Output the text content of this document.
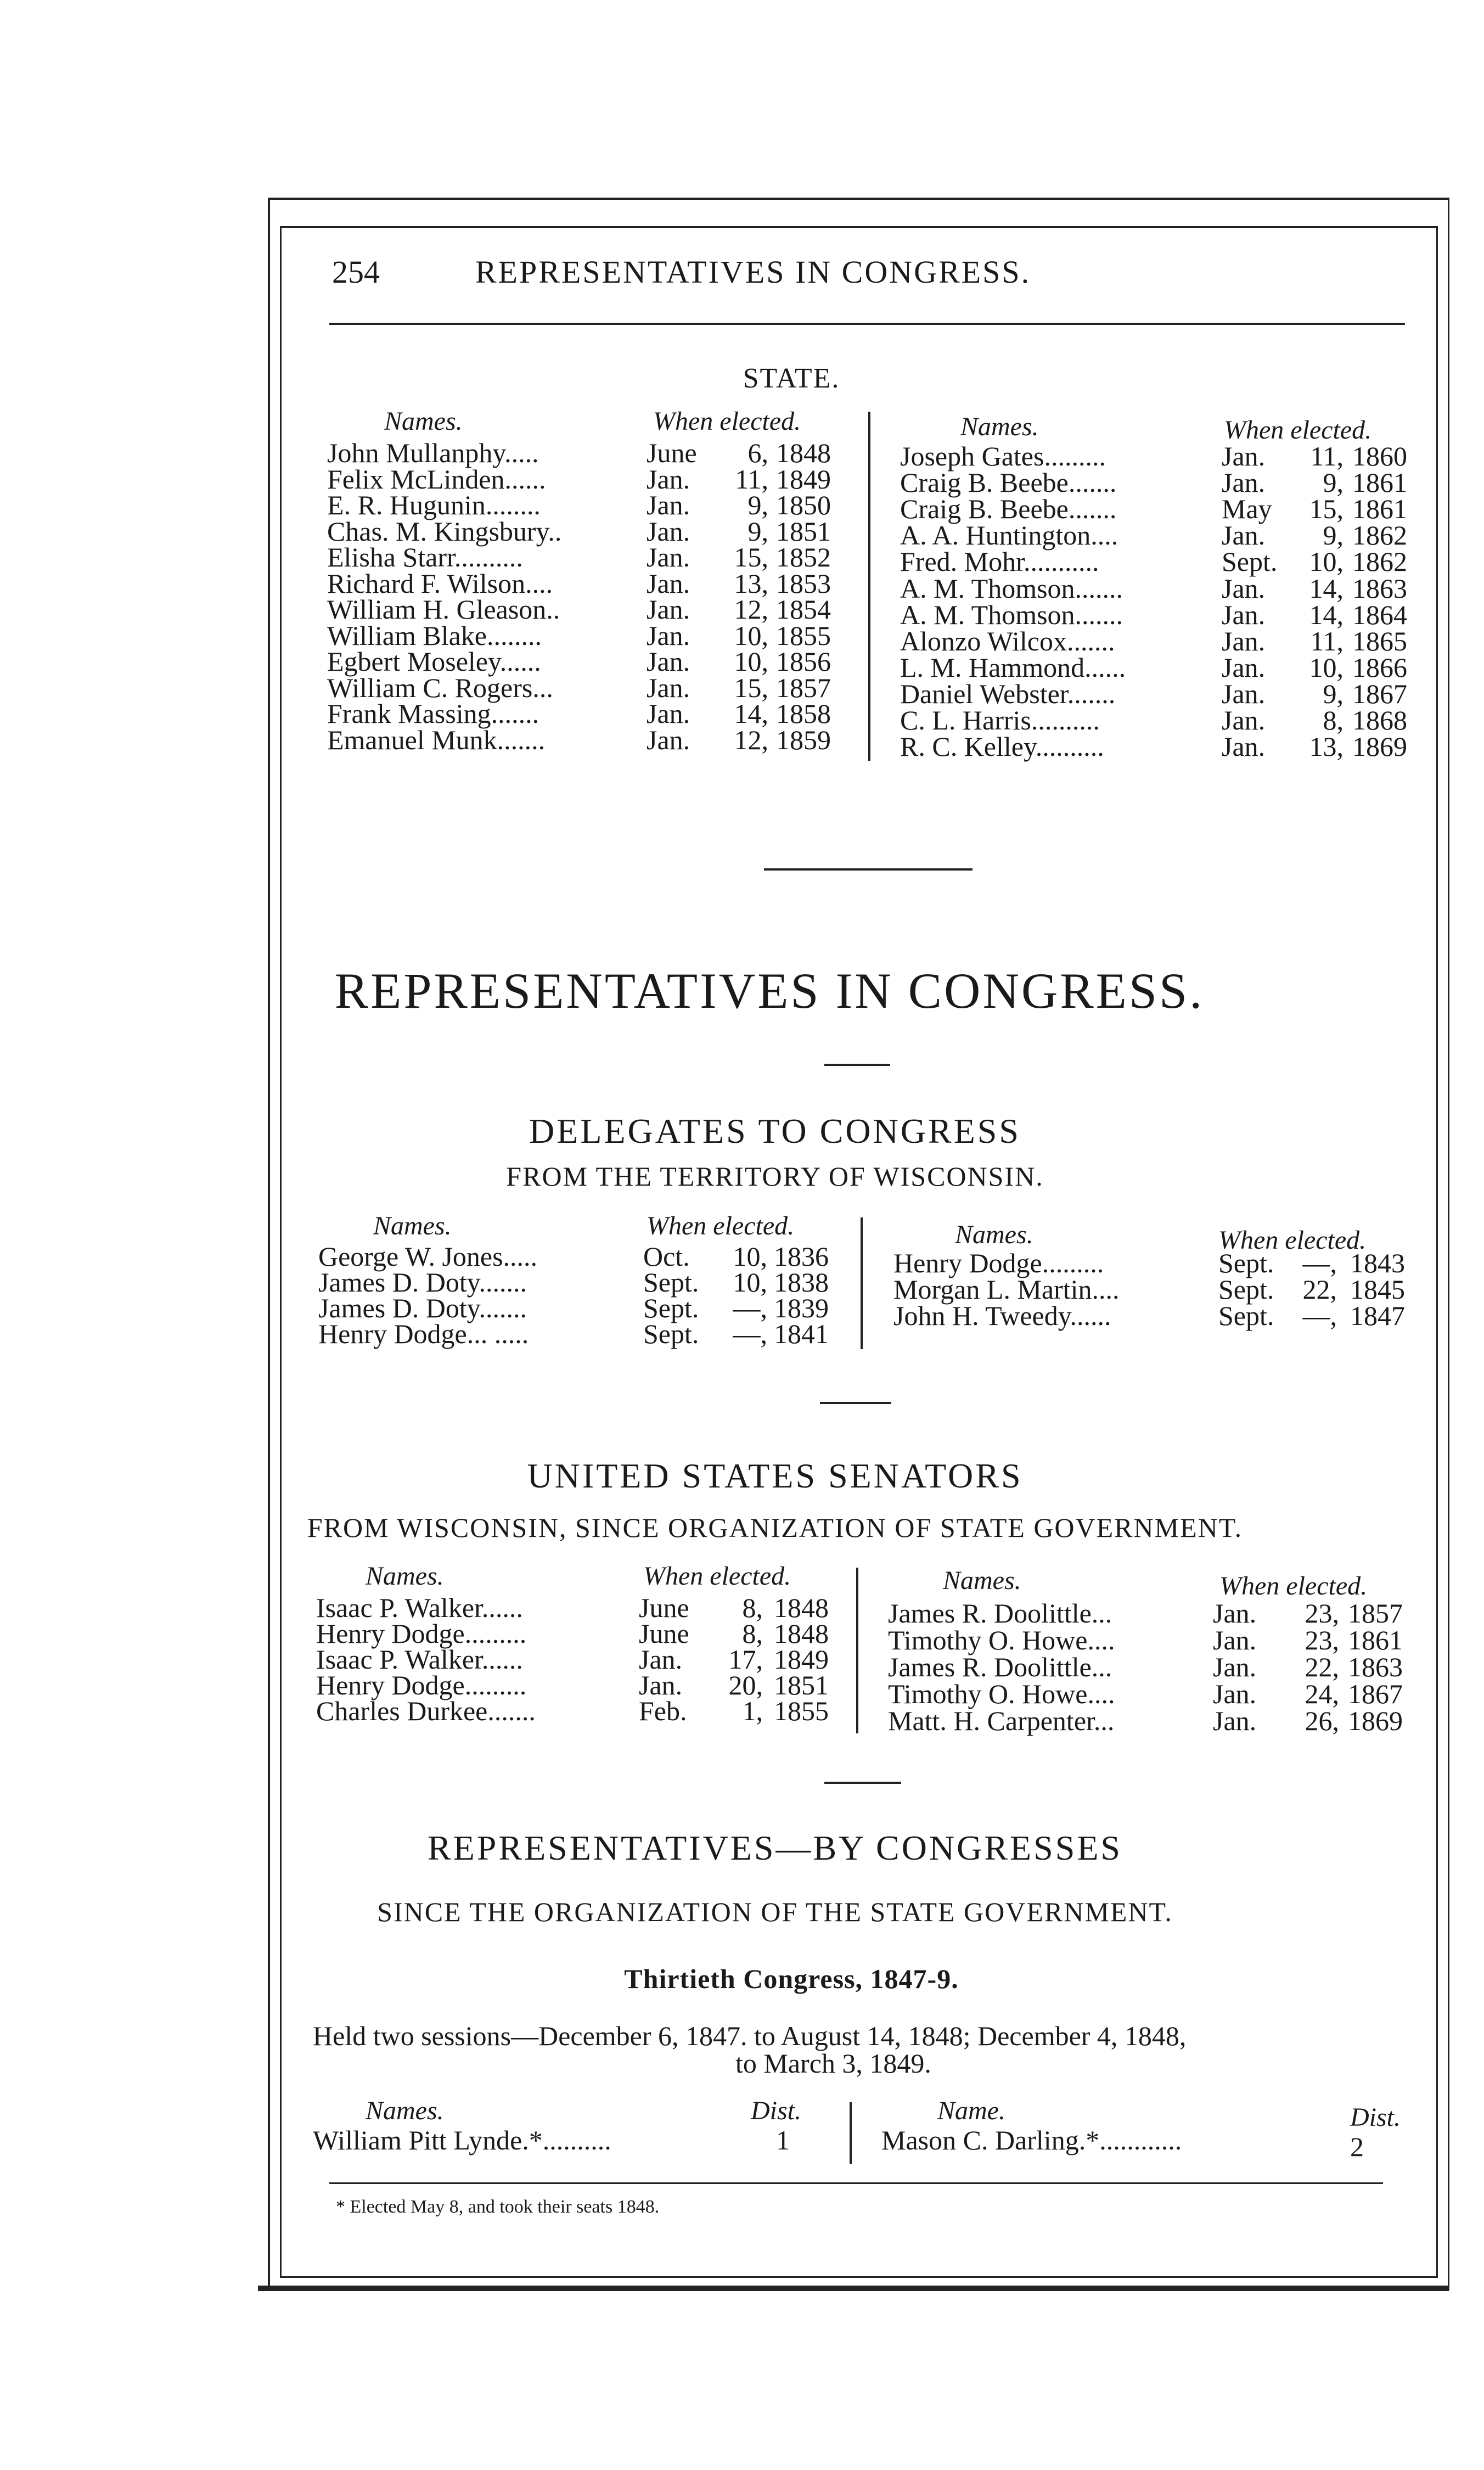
254	REPRESENTATIVES IN CONGRESS.
STATE.
Names.	When elected.	Names.	When elected.
John Mullanphy.....	June	6, 1848
Felix McLinden......	Jan. 11, 1849
E. R. Hugunin........	Jan.	9, 1850
Chas. M. Kingsbury..	Jan.	9, 1851
Elisha Starr..........	Jan. 15, 1852
Richard F. Wilson....	Jan. 13, 1853
William H. Gleason..	Jan. 12, 1854
William Blake........	Jan. 10, 1855
Egbert Moseley......	Jan. 10, 1856
William C. Rogers...	Jan. 15, 1857
Frank Massing.......	Jan. 14, 1858
Emanuel Munk.......	Jan. 12, 1859
Joseph Gates.........	Jan. 11, 1860
Craig B. Beebe.......	Jan.	9, 1861
Craig B. Beebe.......	May 15, 1861
A. A. Huntington....	Jan.	9, 1862
Fred. Mohr...........	Sept. 10, 1862
A. M. Thomson.......	Jan. 14, 1863
A. M. Thomson.......	Jan. 14, 1864
Alonzo Wilcox.......	Jan. 11, 1865
L. M. Hammond......	Jan. 10, 1866
Daniel Webster.......	Jan.	9, 1867
C. L. Harris..........	Jan.	8, 1868
R. C. Kelley..........	Jan. 13, 1869
REPRESENTATIVES IN CONGRESS.
DELEGATES TO CONGRESS
FROM THE TERRITORY OF WISCONSIN.
Names.	When elected.	Names.	When elected.
George W. Jones.....	Oct. 10, 1836
James D. Doty.......	Sept. 10, 1838
James D. Doty.......	Sept. —, 1839
Henry Dodge... .....	Sept. —, 1841
Henry Dodge.........	Sept. —, 1843
Morgan L. Martin....	Sept. 22, 1845
John H. Tweedy......	Sept. —, 1847
UNITED STATES SENATORS
FROM WISCONSIN, SINCE ORGANIZATION OF STATE GOVERNMENT.
Names.	When elected.	Names.	When elected.
Isaac P. Walker......	June	8, 1848
Henry Dodge.........	June	8, 1848
Isaac P. Walker......	Jan. 17, 1849
Henry Dodge.........	Jan. 20, 1851
Charles Durkee.......	Feb.	1, 1855
James R. Doolittle...	Jan. 23, 1857
Timothy O. Howe....	Jan. 23, 1861
James R. Doolittle...	Jan. 22, 1863
Timothy O. Howe....	Jan. 24, 1867
Matt. H. Carpenter...	Jan. 26, 1869
REPRESENTATIVES—BY CONGRESSES
SINCE THE ORGANIZATION OF THE STATE GOVERNMENT.
Thirtieth Congress, 1847-9.
Held two sessions—December 6, 1847. to August 14, 1848; December 4, 1848,
to March 3, 1849.
Names.	Dist.	Name.	Dist.
William Pitt Lynde.*..........	1	Mason C. Darling.*............	2
* Elected May 8, and took their seats 1848.
